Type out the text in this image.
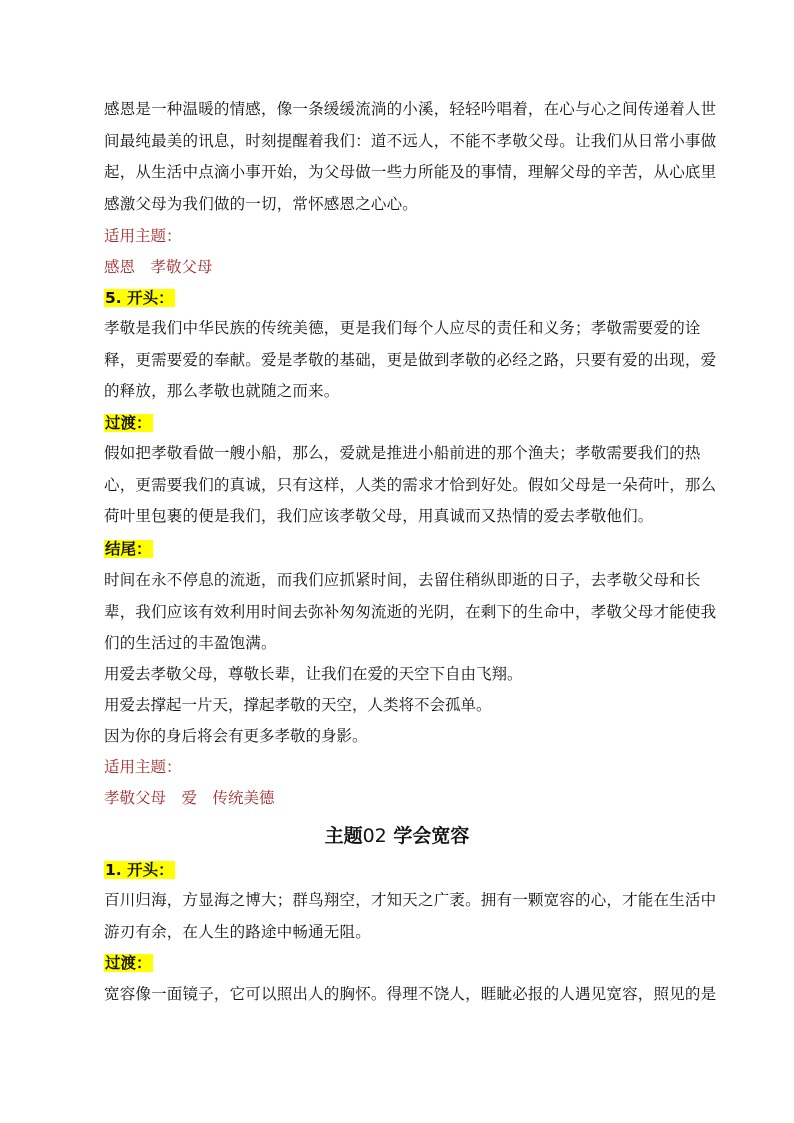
感恩是一种温暖的情感，像一条缓缓流淌的小溪，轻轻吟唱着，在心与心之间传递着人世间最纯最美的讯息，时刻提醒着我们：道不远人，不能不孝敬父母。让我们从日常小事做起，从生活中点滴小事开始，为父母做一些力所能及的事情，理解父母的辛苦，从心底里感激父母为我们做的一切，常怀感恩之心心。

适用主题：

感恩　孝敬父母

5. 开头：

孝敬是我们中华民族的传统美德，更是我们每个人应尽的责任和义务；孝敬需要爱的诠释，更需要爱的奉献。爱是孝敬的基础，更是做到孝敬的必经之路，只要有爱的出现，爱的释放，那么孝敬也就随之而来。

过渡：

假如把孝敬看做一艘小船，那么，爱就是推进小船前进的那个渔夫；孝敬需要我们的热心，更需要我们的真诚，只有这样，人类的需求才恰到好处。假如父母是一朵荷叶，那么荷叶里包裹的便是我们，我们应该孝敬父母，用真诚而又热情的爱去孝敬他们。

结尾：

时间在永不停息的流逝，而我们应抓紧时间，去留住稍纵即逝的日子，去孝敬父母和长辈，我们应该有效利用时间去弥补匆匆流逝的光阴，在剩下的生命中，孝敬父母才能使我们的生活过的丰盈饱满。

用爱去孝敬父母，尊敬长辈，让我们在爱的天空下自由飞翔。

用爱去撑起一片天，撑起孝敬的天空，人类将不会孤单。

因为你的身后将会有更多孝敬的身影。

适用主题：

孝敬父母　爱　传统美德

主题02 学会宽容

1. 开头：

百川归海，方显海之博大；群鸟翔空，才知天之广袤。拥有一颗宽容的心，才能在生活中游刃有余，在人生的路途中畅通无阻。

过渡：

宽容像一面镜子，它可以照出人的胸怀。得理不饶人，睚眦必报的人遇见宽容，照见的是
